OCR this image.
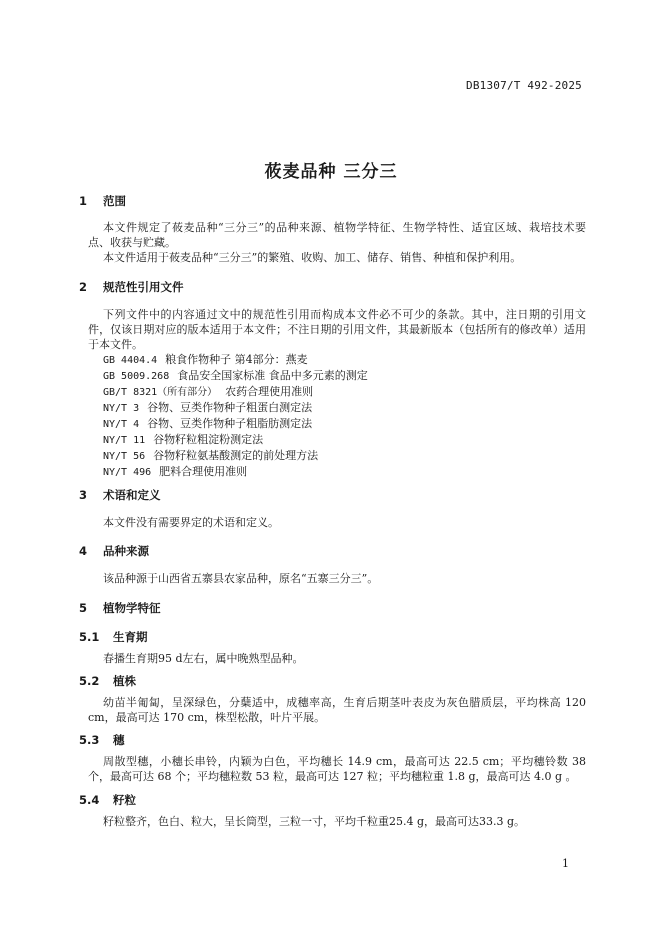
DB1307/T 492-2025
莜麦品种 三分三
1 范围
本文件规定了莜麦品种“三分三”的品种来源、植物学特征、生物学特性、适宜区域、栽培技术要点、收获与贮藏。
本文件适用于莜麦品种“三分三”的繁殖、收购、加工、储存、销售、种植和保护利用。
2 规范性引用文件
下列文件中的内容通过文中的规范性引用而构成本文件必不可少的条款。其中，注日期的引用文件，仅该日期对应的版本适用于本文件；不注日期的引用文件，其最新版本（包括所有的修改单）适用于本文件。
GB 4404.4 粮食作物种子 第4部分：燕麦
GB 5009.268 食品安全国家标准 食品中多元素的测定
GB/T 8321（所有部分） 农药合理使用准则
NY/T 3 谷物、豆类作物种子粗蛋白测定法
NY/T 4 谷物、豆类作物种子粗脂肪测定法
NY/T 11 谷物籽粒粗淀粉测定法
NY/T 56 谷物籽粒氨基酸测定的前处理方法
NY/T 496 肥料合理使用准则
3 术语和定义
本文件没有需要界定的术语和定义。
4 品种来源
该品种源于山西省五寨县农家品种，原名“五寨三分三”。
5 植物学特征
5.1 生育期
春播生育期95 d左右，属中晚熟型品种。
5.2 植株
幼苗半匍匐，呈深绿色，分蘖适中，成穗率高，生育后期茎叶表皮为灰色腊质层，平均株高 120 cm，最高可达 170 cm，株型松散，叶片平展。
5.3 穗
周散型穗，小穗长串铃，内颖为白色，平均穗长 14.9 cm，最高可达 22.5 cm；平均穗铃数 38 个，最高可达 68 个；平均穗粒数 53 粒，最高可达 127 粒；平均穗粒重 1.8 g，最高可达 4.0 g 。
5.4 籽粒
籽粒整齐，色白、粒大，呈长筒型，三粒一寸，平均千粒重25.4 g，最高可达33.3 g。
1
